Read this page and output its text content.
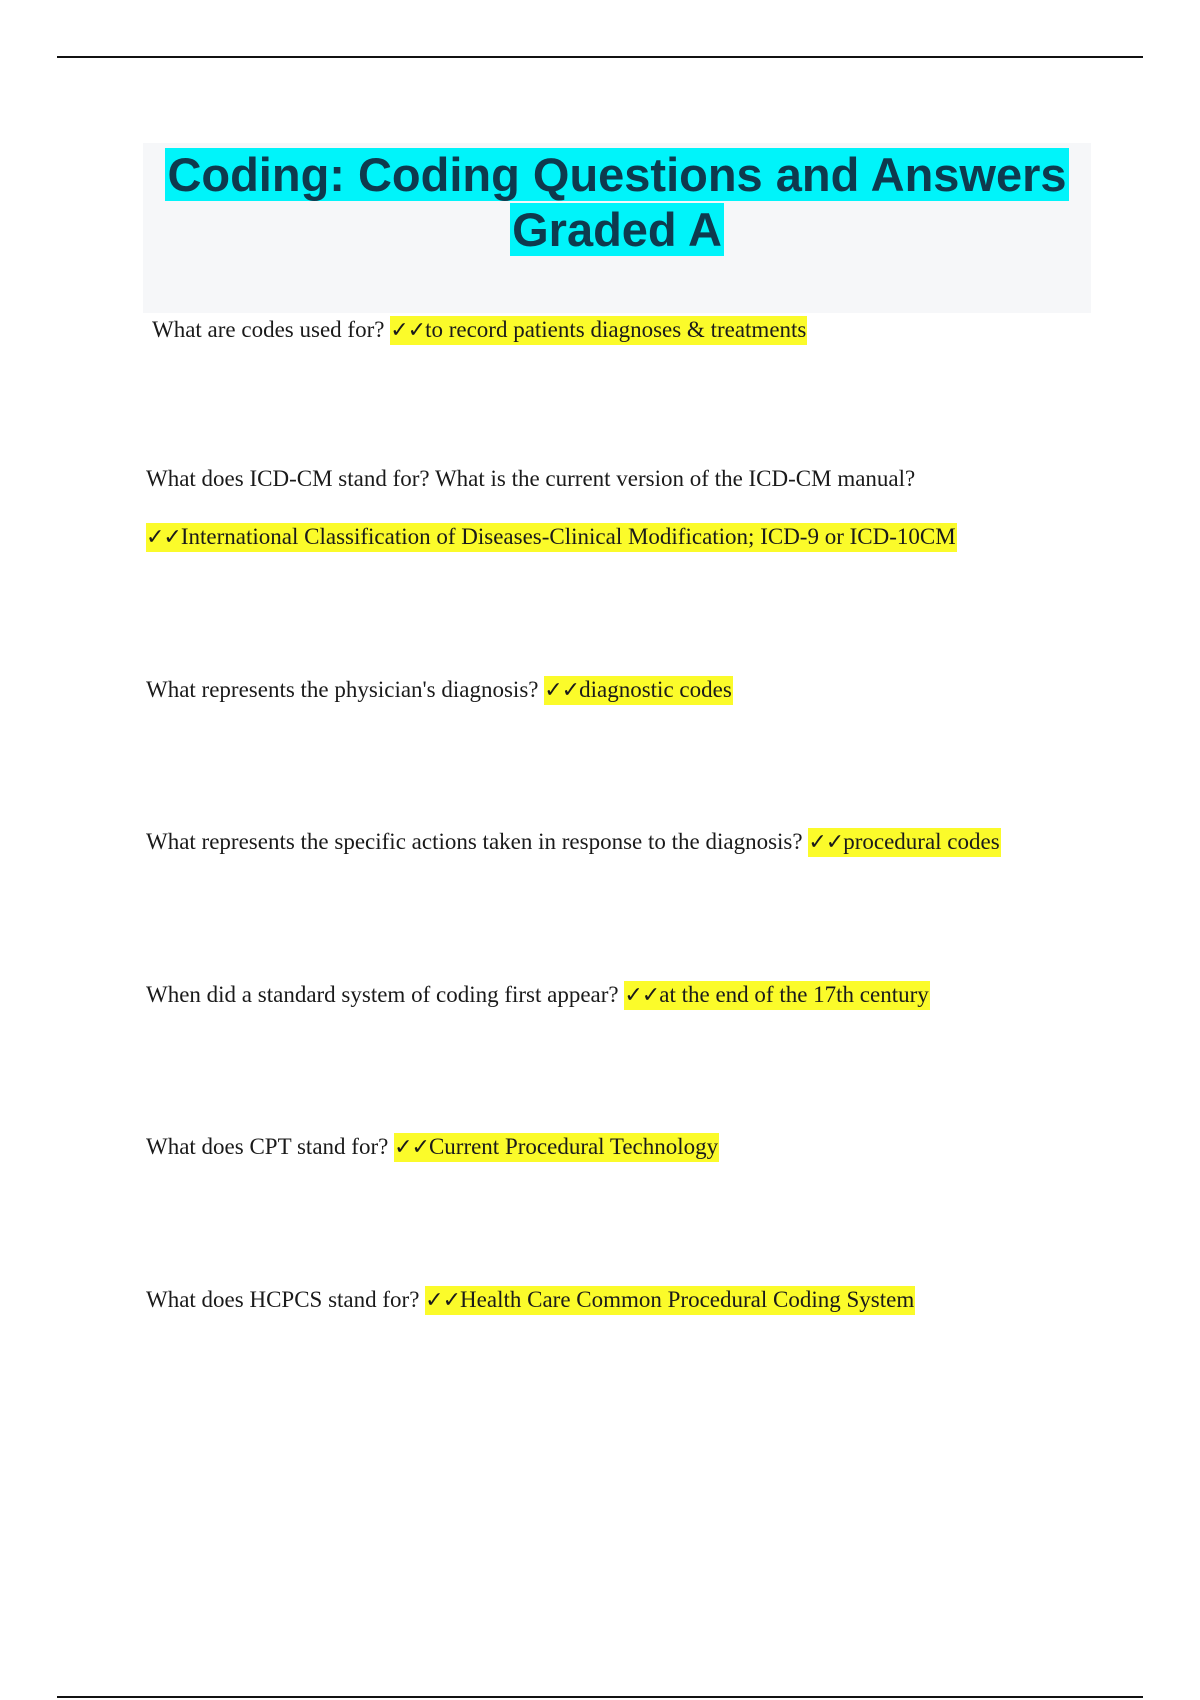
Coding: Coding Questions and Answers
Graded A
What are codes used for? ✓✓to record patients diagnoses & treatments
What does ICD-CM stand for? What is the current version of the ICD-CM manual?
✓✓International Classification of Diseases-Clinical Modification; ICD-9 or ICD-10CM
What represents the physician's diagnosis? ✓✓diagnostic codes
What represents the specific actions taken in response to the diagnosis? ✓✓procedural codes
When did a standard system of coding first appear? ✓✓at the end of the 17th century
What does CPT stand for? ✓✓Current Procedural Technology
What does HCPCS stand for? ✓✓Health Care Common Procedural Coding System
